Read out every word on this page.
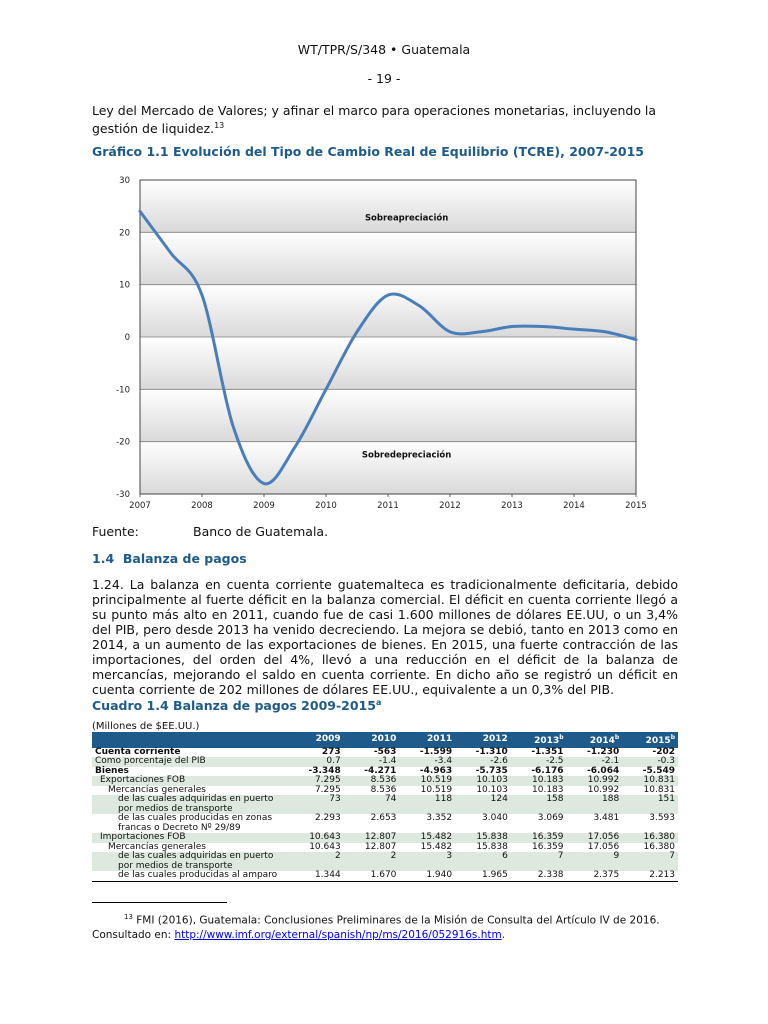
WT/TPR/S/348 • Guatemala
- 19 -
Ley del Mercado de Valores; y afinar el marco para operaciones monetarias, incluyendo la gestión de liquidez.$^{13}$
Gráfico 1.1 Evolución del Tipo de Cambio Real de Equilibrio (TCRE), 2007-2015
30
20
10
0
-10
-20
-30
2007	2008	2009	2010	2011	2012	2013	2014	2015
Sobreapreciación
Sobredepreciación
Fuente:	Banco de Guatemala.
1.4 Balanza de pagos
1.24. La balanza en cuenta corriente guatemalteca es tradicionalmente deficitaria, debido principalmente al fuerte déficit en la balanza comercial. El déficit en cuenta corriente llegó a su punto más alto en 2011, cuando fue de casi 1.600 millones de dólares EE.UU, o un 3,4% del PIB, pero desde 2013 ha venido decreciendo. La mejora se debió, tanto en 2013 como en 2014, a un aumento de las exportaciones de bienes. En 2015, una fuerte contracción de las importaciones, del orden del 4%, llevó a una reducción en el déficit de la balanza de mercancías, mejorando el saldo en cuenta corriente. En dicho año se registró un déficit en cuenta corriente de 202 millones de dólares EE.UU., equivalente a un 0,3% del PIB.
Cuadro 1.4 Balanza de pagos 2009-2015$^a$
(Millones de $EE.UU.)
	2009	2010	2011	2012	2013$^b$	2014$^b$	2015$^b$
Cuenta corriente	273	-563	-1.599	-1.310	-1.351	-1.230	-202
Como porcentaje del PIB	0.7	-1.4	-3.4	-2.6	-2.5	-2.1	-0.3
Bienes	-3.348	-4.271	-4.963	-5.735	-6.176	-6.064	-5.549
Exportaciones FOB	7.295	8.536	10.519	10.103	10.183	10.992	10.831
Mercancías generales	7.295	8.536	10.519	10.103	10.183	10.992	10.831
de las cuales adquiridas en puerto por medios de transporte	73	74	118	124	158	188	151
de las cuales producidas en zonas francas o Decreto Nº 29/89	2.293	2.653	3.352	3.040	3.069	3.481	3.593
Importaciones FOB	10.643	12.807	15.482	15.838	16.359	17.056	16.380
Mercancías generales	10.643	12.807	15.482	15.838	16.359	17.056	16.380
de las cuales adquiridas en puerto por medios de transporte	2	2	3	6	7	9	7
de las cuales producidas al amparo	1.344	1.670	1.940	1.965	2.338	2.375	2.213
$^{13}$ FMI (2016), Guatemala: Conclusiones Preliminares de la Misión de Consulta del Artículo IV de 2016.
Consultado en: http://www.imf.org/external/spanish/np/ms/2016/052916s.htm.
